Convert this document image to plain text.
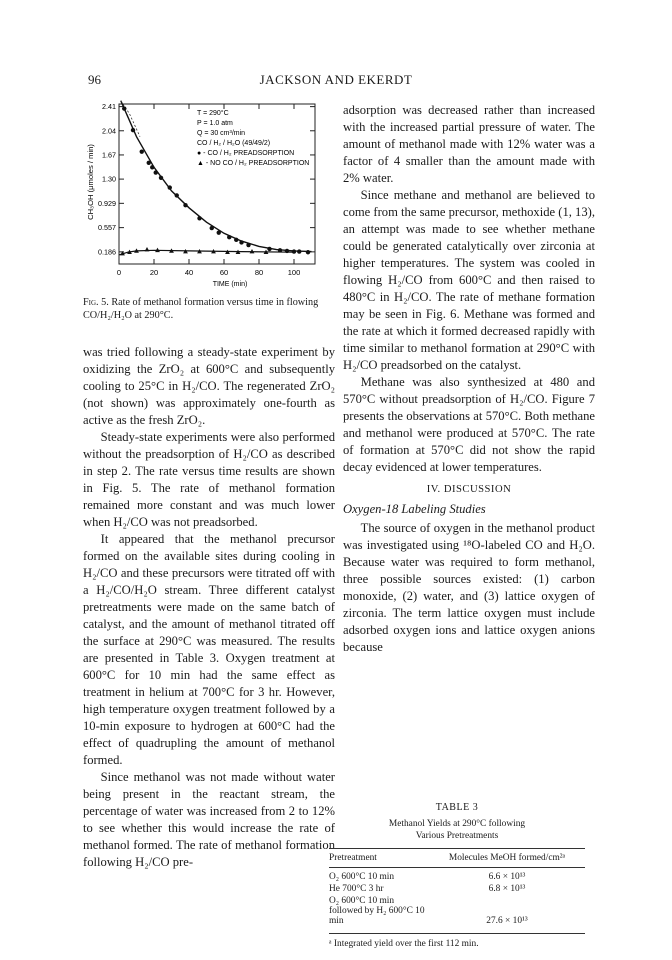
96	JACKSON AND EKERDT
0	20	40	60	80	100
2.41
2.04
1.67
1.30
0.929
0.557
0.186
CH₃OH (μmoles / min)
TIME (min)
T = 290°C
P = 1.0 atm
Q = 30 cm³/min
CO / H₂ / H₂O (49/49/2)
● - CO / H₂ PREADSORPTION
▲ - NO CO / H₂ PREADSORPTION
Fig. 5. Rate of methanol formation versus time in flowing CO/H₂/H₂O at 290°C.

was tried following a steady-state experiment by oxidizing the ZrO₂ at 600°C and subsequently cooling to 25°C in H₂/CO. The regenerated ZrO₂ (not shown) was approximately one-fourth as active as the fresh ZrO₂.

Steady-state experiments were also performed without the preadsorption of H₂/CO as described in step 2. The rate versus time results are shown in Fig. 5. The rate of methanol formation remained more constant and was much lower when H₂/CO was not preadsorbed.

It appeared that the methanol precursor formed on the available sites during cooling in H₂/CO and these precursors were titrated off with a H₂/CO/H₂O stream. Three different catalyst pretreatments were made on the same batch of catalyst, and the amount of methanol titrated off the surface at 290°C was measured. The results are presented in Table 3. Oxygen treatment at 600°C for 10 min had the same effect as treatment in helium at 700°C for 3 hr. However, high temperature oxygen treatment followed by a 10-min exposure to hydrogen at 600°C had the effect of quadrupling the amount of methanol formed.

Since methanol was not made without water being present in the reactant stream, the percentage of water was increased from 2 to 12% to see whether this would increase the rate of methanol formed. The rate of methanol formation following H₂/CO pre-

adsorption was decreased rather than increased with the increased partial pressure of water. The amount of methanol made with 12% water was a factor of 4 smaller than the amount made with 2% water.

Since methane and methanol are believed to come from the same precursor, methoxide (1, 13), an attempt was made to see whether methane could be generated catalytically over zirconia at higher temperatures. The system was cooled in flowing H₂/CO from 600°C and then raised to 480°C in H₂/CO. The rate of methane formation may be seen in Fig. 6. Methane was formed and the rate at which it formed decreased rapidly with time similar to methanol formation at 290°C with H₂/CO preadsorbed on the catalyst.

Methane was also synthesized at 480 and 570°C without preadsorption of H₂/CO. Figure 7 presents the observations at 570°C. Both methane and methanol were produced at 570°C. The rate of formation at 570°C did not show the rapid decay evidenced at lower temperatures.

IV. DISCUSSION
Oxygen-18 Labeling Studies

The source of oxygen in the methanol product was investigated using ¹⁸O-labeled CO and H₂O. Because water was required to form methanol, three possible sources existed: (1) carbon monoxide, (2) water, and (3) lattice oxygen of zirconia. The term lattice oxygen must include adsorbed oxygen ions and lattice oxygen anions because

TABLE 3
Methanol Yields at 290°C following
Various Pretreatments
Pretreatment	Molecules MeOH formed/cm²ᵃ
O₂ 600°C 10 min	6.6 × 10¹³
He 700°C 3 hr	6.8 × 10¹³
O₂ 600°C 10 min followed by H₂ 600°C 10 min	27.6 × 10¹³
ᵃ Integrated yield over the first 112 min.
